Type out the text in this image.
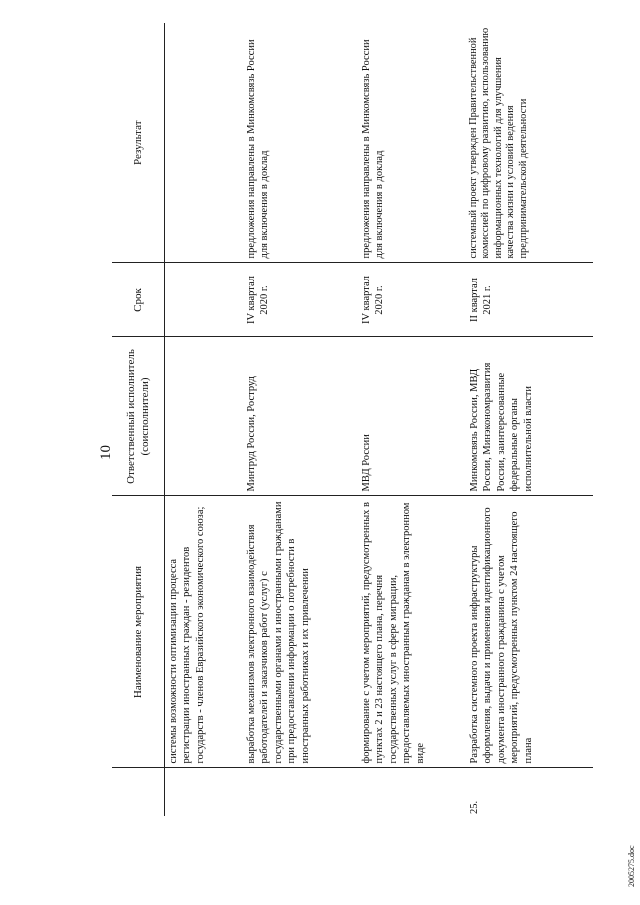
10
	Наименование мероприятия	Ответственный исполнитель (соисполнители)	Срок	Результат
	системы возможности оптимизации процесса регистрации иностранных граждан - резидентов государств - членов Евразийского экономического союза;			
	выработка механизмов электронного взаимодействия работодателей и заказчиков работ (услуг) с государственными органами и иностранными гражданами при предоставлении информации о потребности в иностранных работниках и их привлечении	Минтруд России, Роструд	IV квартал 2020 г.	предложения направлены в Минкомсвязь России для включения в доклад
	формирование с учетом мероприятий, предусмотренных в пунктах 2 и 23 настоящего плана, перечня государственных услуг в сфере миграции, предоставляемых иностранным гражданам в электронном виде	МВД России	IV квартал 2020 г.	предложения направлены в Минкомсвязь России для включения в доклад
25.	Разработка системного проекта инфраструктуры оформления, выдачи и применения идентификационного документа иностранного гражданина с учетом мероприятий, предусмотренных пунктом 24 настоящего плана	Минкомсвязь России, МВД России, Минэкономразвития России, заинтересованные федеральные органы исполнительной власти	II квартал 2021 г.	системный проект утвержден Правительственной комиссией по цифровому развитию, использованию информационных технологий для улучшения качества жизни и условий ведения предпринимательской деятельности
2005275.doc
